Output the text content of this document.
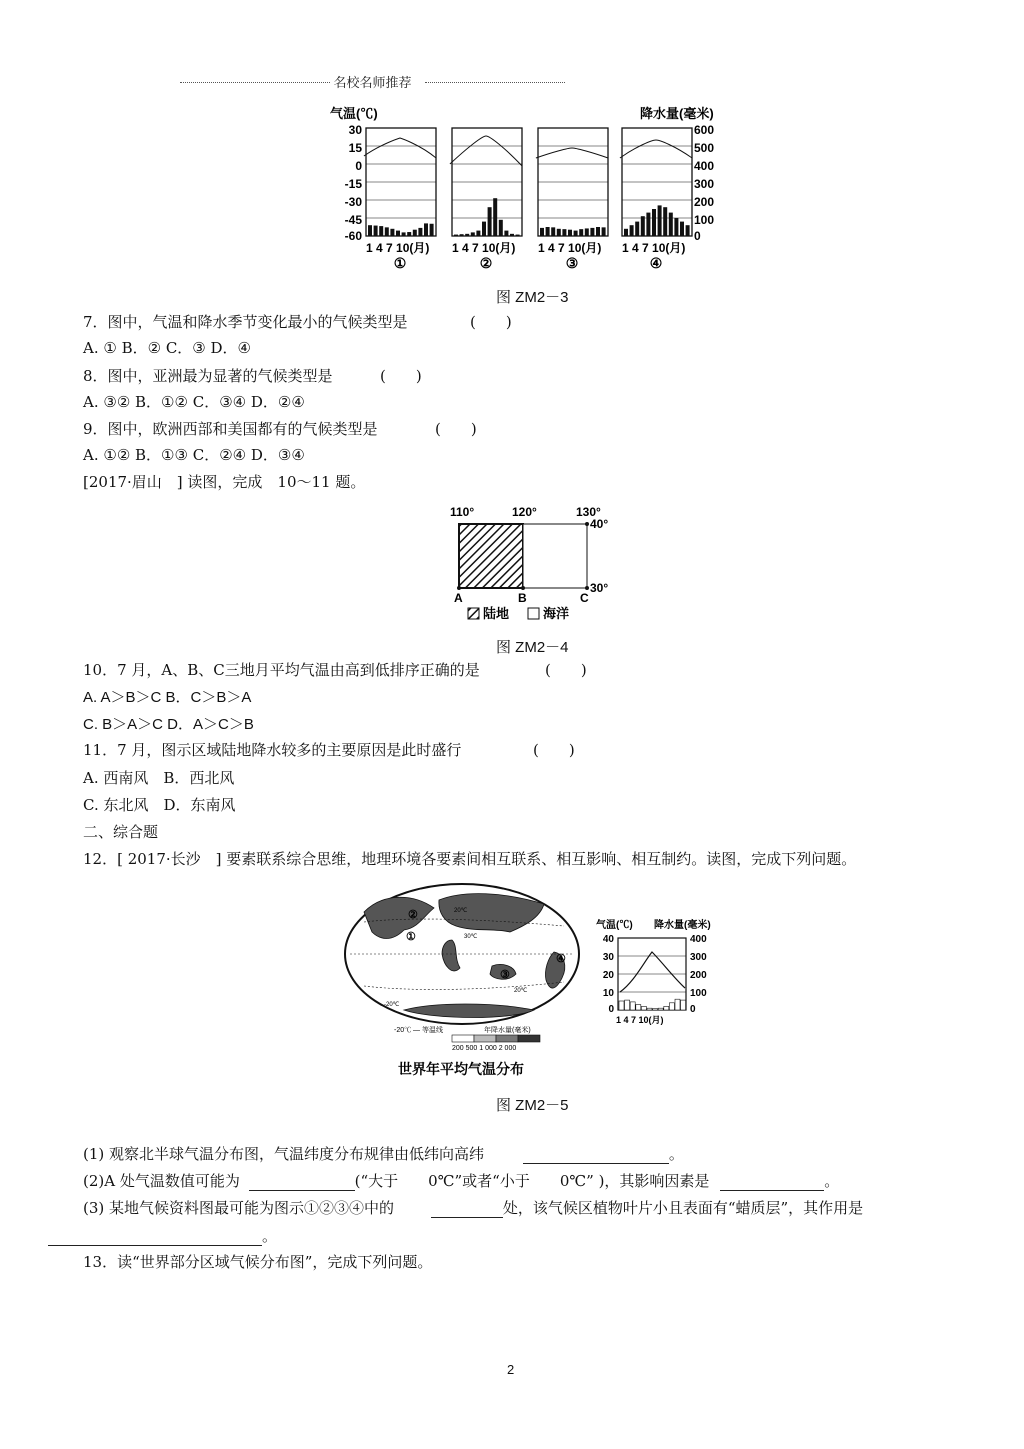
名校名师推荐
气温(℃)	降水量(毫米)
30
15
0
-15
-30
-45
-60
600
500
400
300
200
100
0
1 4 7 10(月) 1 4 7 10(月) 1 4 7 10(月) 1 4 7 10(月)
①	②	③	④
图 ZM2－3
7．图中，气温和降水季节变化最小的气候类型是	(　　)
A. ① B．② C．③ D．④
8．图中，亚洲最为显著的气候类型是	(　　)
A. ③② B．①② C．③④ D．②④
9．图中，欧洲西部和美国都有的气候类型是	(　　)
A. ①② B．①③ C．②④ D．③④
[2017·眉山　] 读图，完成　10～11 题。
110°	120°	130°
40°
30°
A	B	C
陆地	海洋
图 ZM2－4
10．7 月，A、B、C三地月平均气温由高到低排序正确的是	(　　)
A. A＞B＞C B．C＞B＞A
C. B＞A＞C D．A＞C＞B
11．7 月，图示区域陆地降水较多的主要原因是此时盛行	(　　)
A. 西南风　B．西北风
C. 东北风　D．东南风
二、综合题
12．[ 2017·长沙　] 要素联系综合思维，地理环境各要素间相互联系、相互影响、相互制约。读图，完成下列问题。
①
②
③
④
20℃
-20℃
20℃
30℃
-20℃ — 等温线	年降水量(毫米)
200 500 1 000 2 000
世界年平均气温分布
气温(℃) 降水量(毫米)
40
30
20
10
0
400
300
200
100
0
1 4 7 10(月)
图 ZM2－5
(1) 观察北半球气温分布图，气温纬度分布规律由低纬向高纬	。
(2)A 处气温数值可能为	(“大于　　0℃”或者“小于　　0℃” )，其影响因素是	。
(3) 某地气候资料图最可能为图示①②③④中的	处，该气候区植物叶片小且表面有“蜡质层”，其作用是
。
13．读“世界部分区域气候分布图”，完成下列问题。
2
